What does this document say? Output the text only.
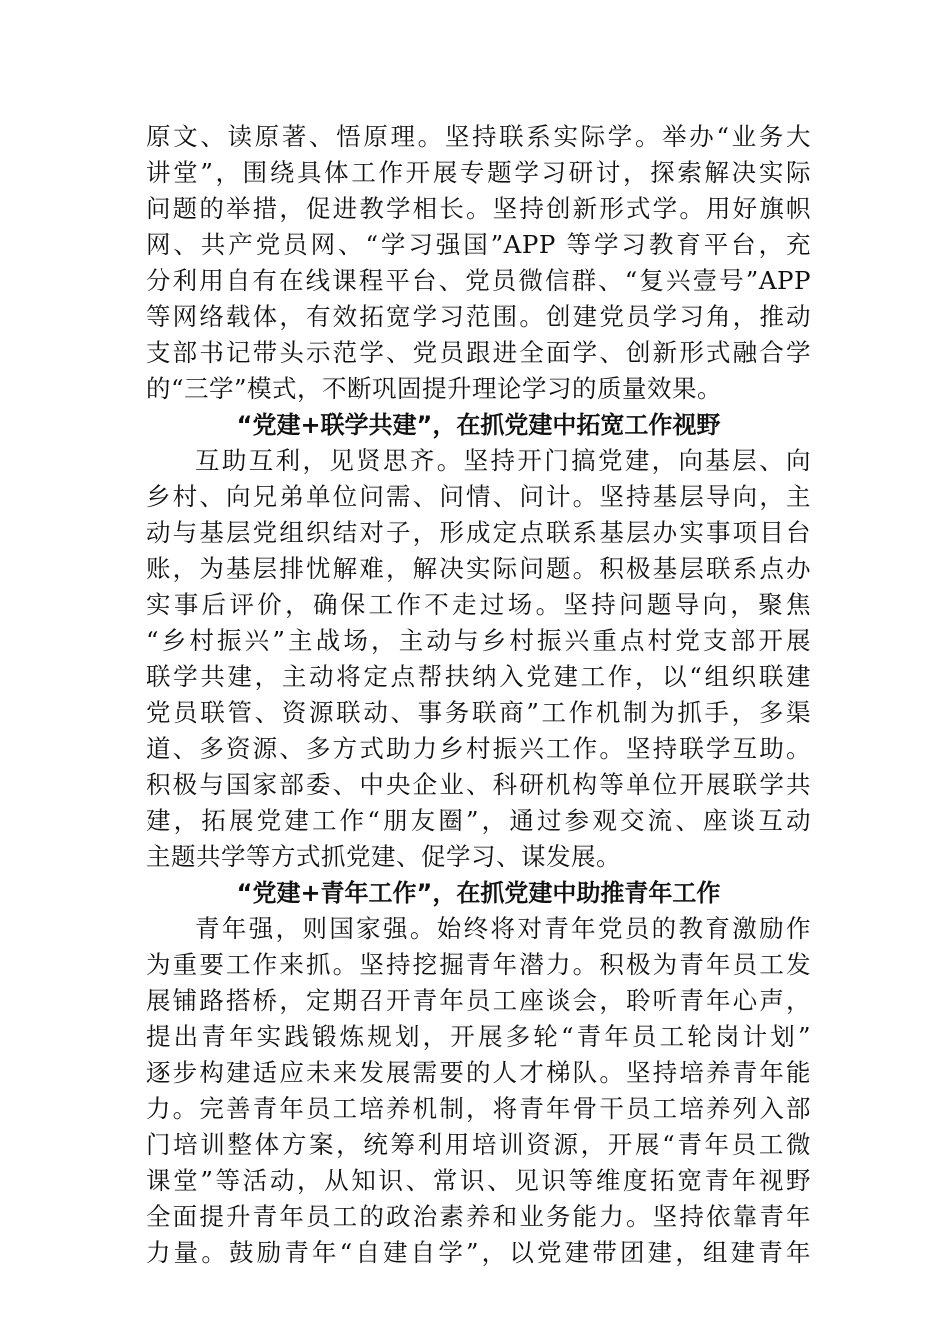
原文、读原著、悟原理。坚持联系实际学。举办“业务大
讲堂”，围绕具体工作开展专题学习研讨，探索解决实际
问题的举措，促进教学相长。坚持创新形式学。用好旗帜
网、共产党员网、“学习强国”APP 等学习教育平台，充
分利用自有在线课程平台、党员微信群、“复兴壹号”APP
等网络载体，有效拓宽学习范围。创建党员学习角，推动
支部书记带头示范学、党员跟进全面学、创新形式融合学
的“三学”模式，不断巩固提升理论学习的质量效果。
“党建+联学共建”，在抓党建中拓宽工作视野
互助互利，见贤思齐。坚持开门搞党建，向基层、向
乡村、向兄弟单位问需、问情、问计。坚持基层导向，主
动与基层党组织结对子，形成定点联系基层办实事项目台
账，为基层排忧解难，解决实际问题。积极基层联系点办
实事后评价，确保工作不走过场。坚持问题导向，聚焦
“乡村振兴”主战场，主动与乡村振兴重点村党支部开展
联学共建，主动将定点帮扶纳入党建工作，以“组织联建
党员联管、资源联动、事务联商”工作机制为抓手，多渠
道、多资源、多方式助力乡村振兴工作。坚持联学互助。
积极与国家部委、中央企业、科研机构等单位开展联学共
建，拓展党建工作“朋友圈”，通过参观交流、座谈互动
主题共学等方式抓党建、促学习、谋发展。
“党建+青年工作”，在抓党建中助推青年工作
青年强，则国家强。始终将对青年党员的教育激励作
为重要工作来抓。坚持挖掘青年潜力。积极为青年员工发
展铺路搭桥，定期召开青年员工座谈会，聆听青年心声，
提出青年实践锻炼规划，开展多轮“青年员工轮岗计划”
逐步构建适应未来发展需要的人才梯队。坚持培养青年能
力。完善青年员工培养机制，将青年骨干员工培养列入部
门培训整体方案，统筹利用培训资源，开展“青年员工微
课堂”等活动，从知识、常识、见识等维度拓宽青年视野
全面提升青年员工的政治素养和业务能力。坚持依靠青年
力量。鼓励青年“自建自学”，以党建带团建，组建青年
